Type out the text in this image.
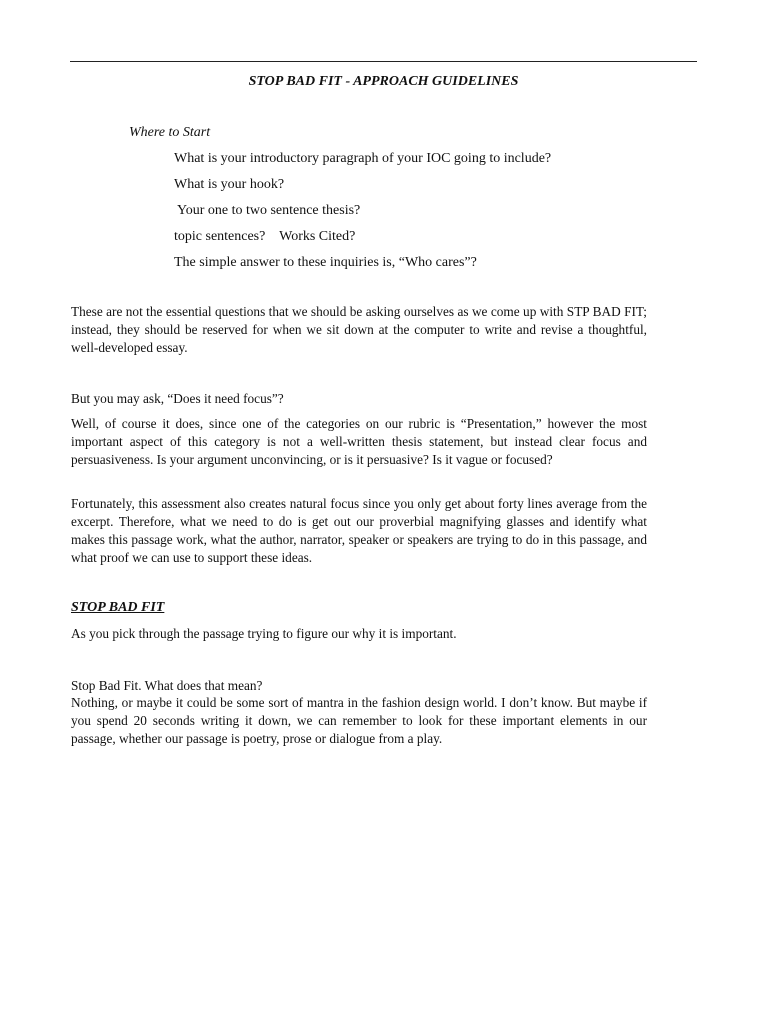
STOP BAD FIT - APPROACH GUIDELINES
Where to Start
What is your introductory paragraph of your IOC going to include?
What is your hook?
Your one to two sentence thesis?
topic sentences?    Works Cited?
The simple answer to these inquiries is, “Who cares”?

These are not the essential questions that we should be asking ourselves as we come up with STP BAD FIT; instead, they should be reserved for when we sit down at the computer to write and revise a thoughtful, well-developed essay.

But you may ask, “Does it need focus”?

Well, of course it does, since one of the categories on our rubric is “Presentation,” however the most important aspect of this category is not a well-written thesis statement, but instead clear focus and persuasiveness. Is your argument unconvincing, or is it persuasive? Is it vague or focused?

Fortunately, this assessment also creates natural focus since you only get about forty lines average from the excerpt. Therefore, what we need to do is get out our proverbial magnifying glasses and identify what makes this passage work, what the author, narrator, speaker or speakers are trying to do in this passage, and what proof we can use to support these ideas.

STOP BAD FIT

As you pick through the passage trying to figure our why it is important.

Stop Bad Fit. What does that mean?

Nothing, or maybe it could be some sort of mantra in the fashion design world. I don’t know. But maybe if you spend 20 seconds writing it down, we can remember to look for these important elements in our passage, whether our passage is poetry, prose or dialogue from a play.
